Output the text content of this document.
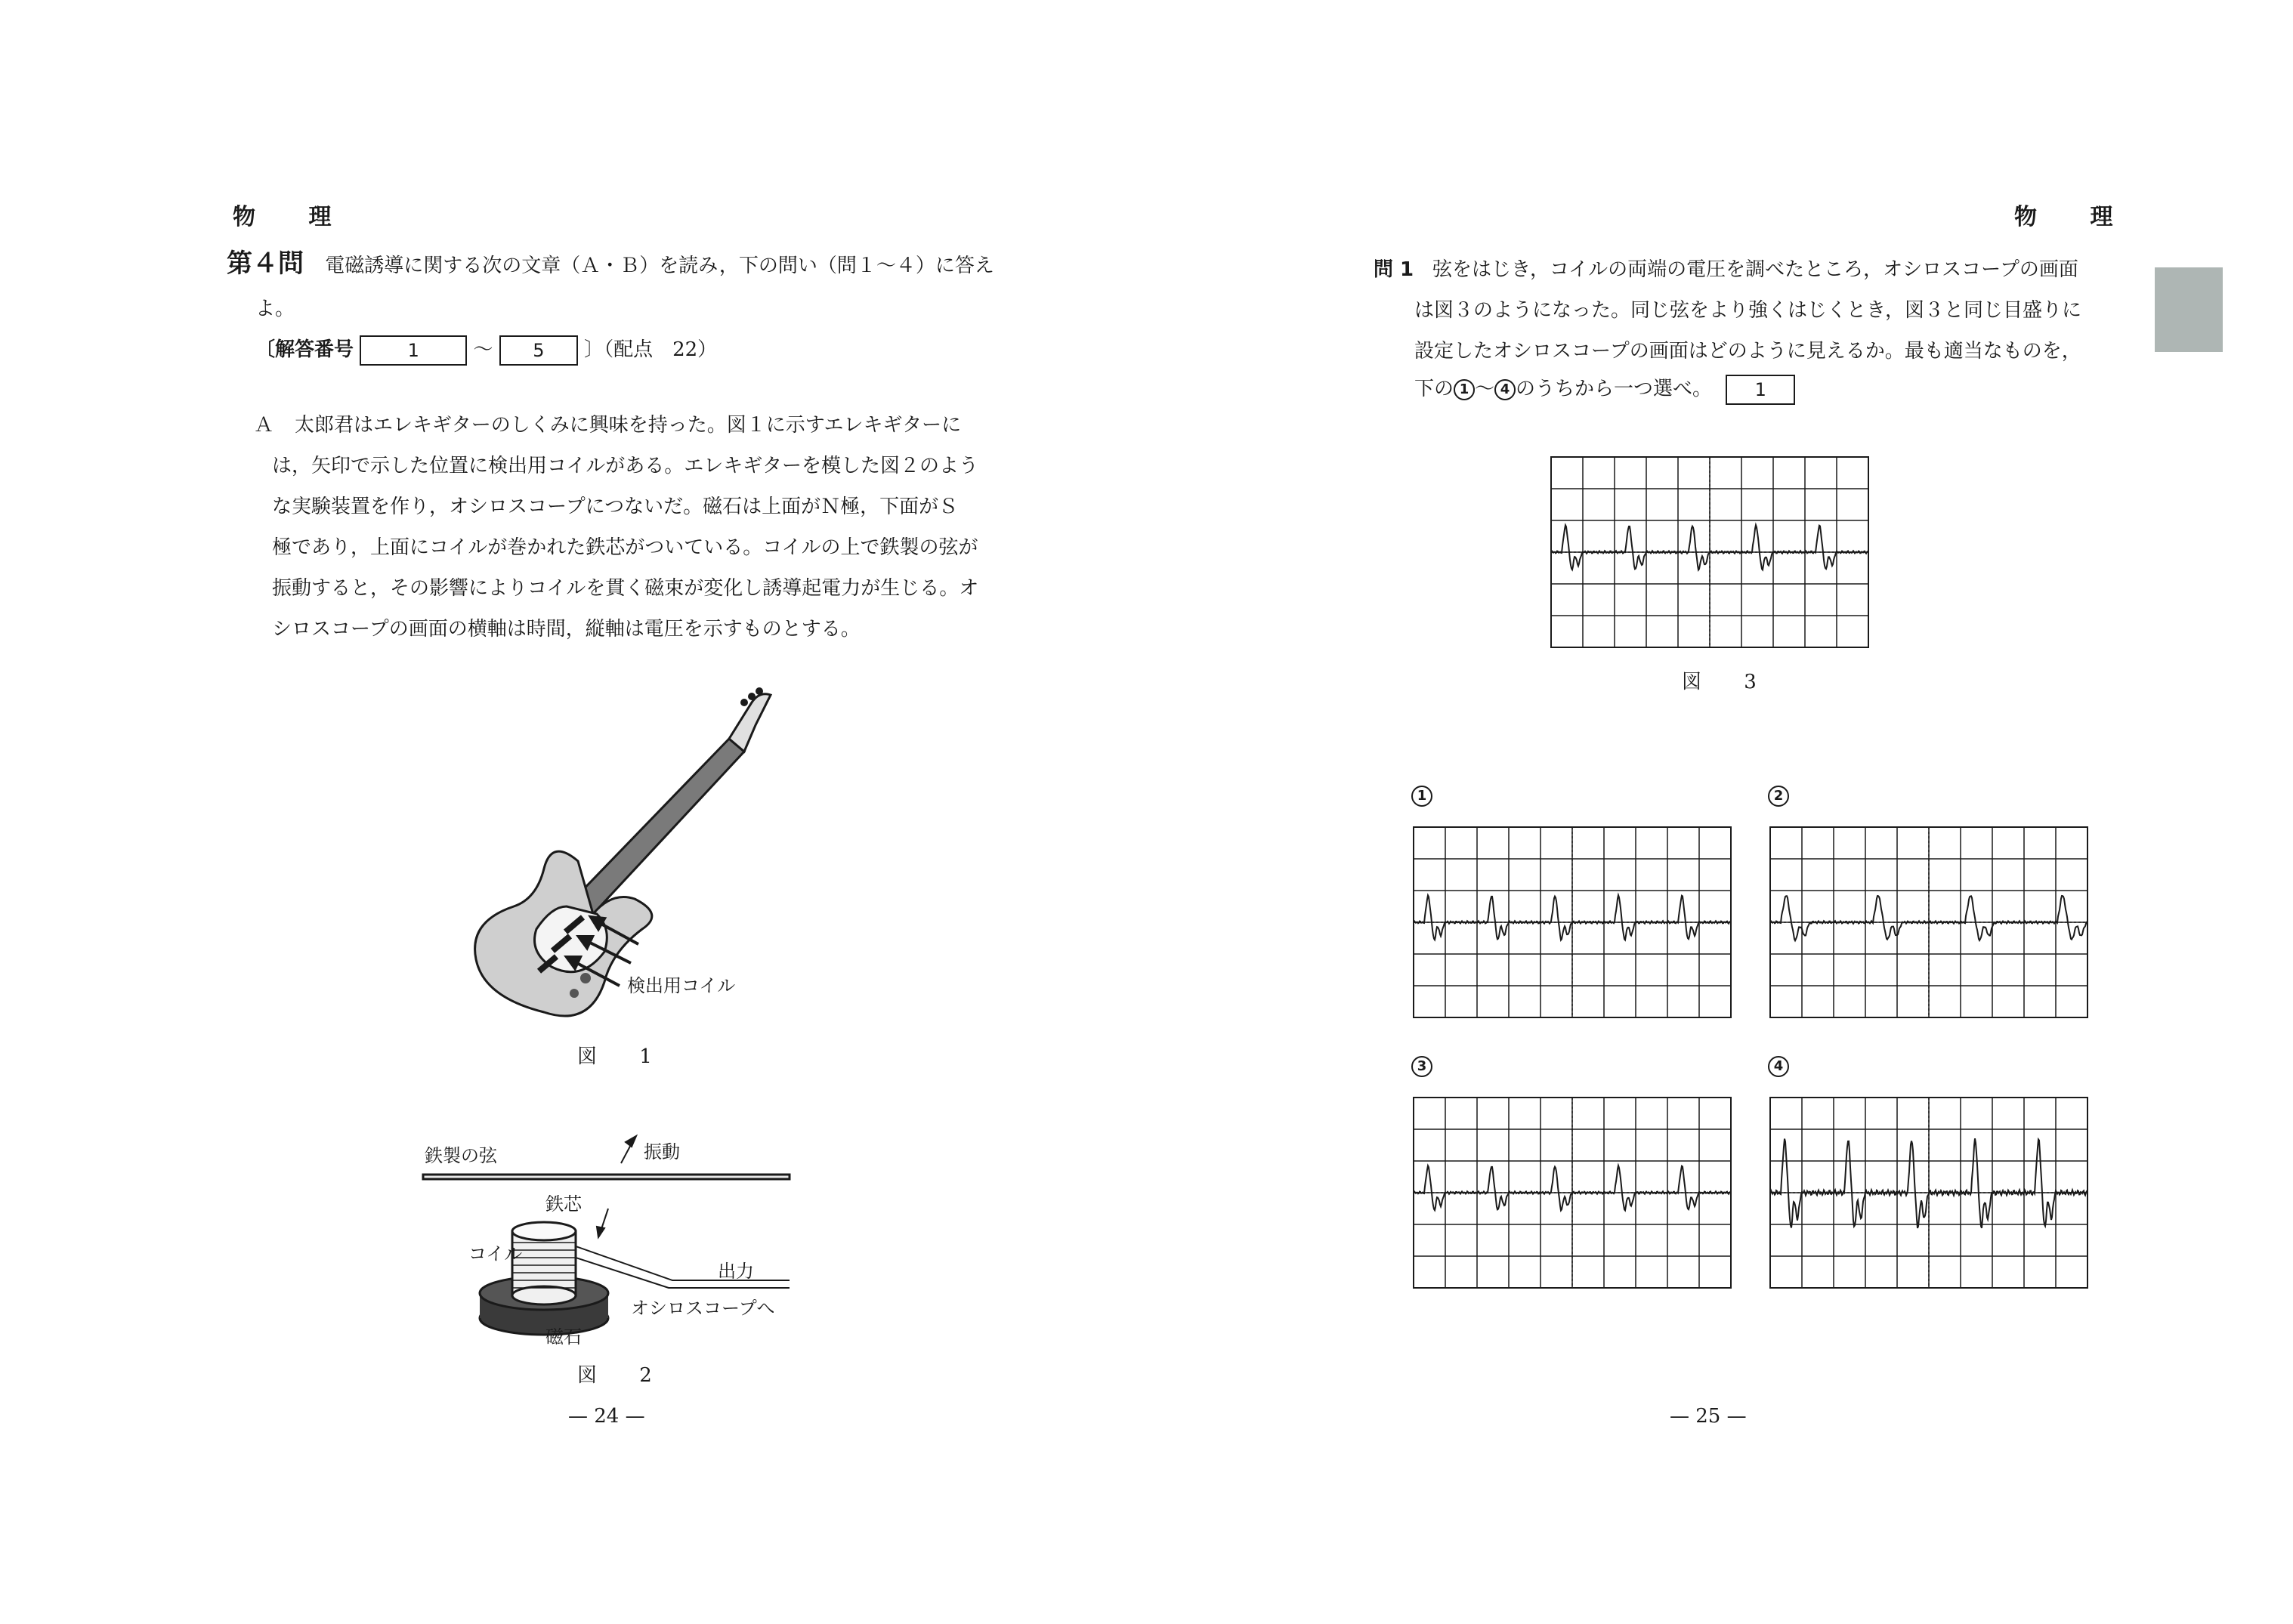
物 理
第４問 電磁誘導に関する次の文章（Ａ・Ｂ）を読み，下の問い（問１〜４）に答え
よ。
〔解答番号	1	〜 5 〕（配点　22）
Ａ 太郎君はエレキギターのしくみに興味を持った。図１に示すエレキギターに
は，矢印で示した位置に検出用コイルがある。エレキギターを模した図２のよう
な実験装置を作り，オシロスコープにつないだ。磁石は上面がＮ極，下面がＳ
極であり，上面にコイルが巻かれた鉄芯がついている。コイルの上で鉄製の弦が
振動すると，その影響によりコイルを貫く磁束が変化し誘導起電力が生じる。オ
シロスコープの画面の横軸は時間，縦軸は電圧を示すものとする。
検出用コイル
図 1
鉄製の弦	振動
鉄芯
コイル
出力
オシロスコープへ
磁石
図 2
— 24 —
物 理
問 1 弦をはじき，コイルの両端の電圧を調べたところ，オシロスコープの画面
は図３のようになった。同じ弦をより強くはじくとき，図３と同じ目盛りに
設定したオシロスコープの画面はどのように見えるか。最も適当なものを，
下の 1 〜 4 のうちから一つ選べ。 1
図 3
1	2
3	4
— 25 —
